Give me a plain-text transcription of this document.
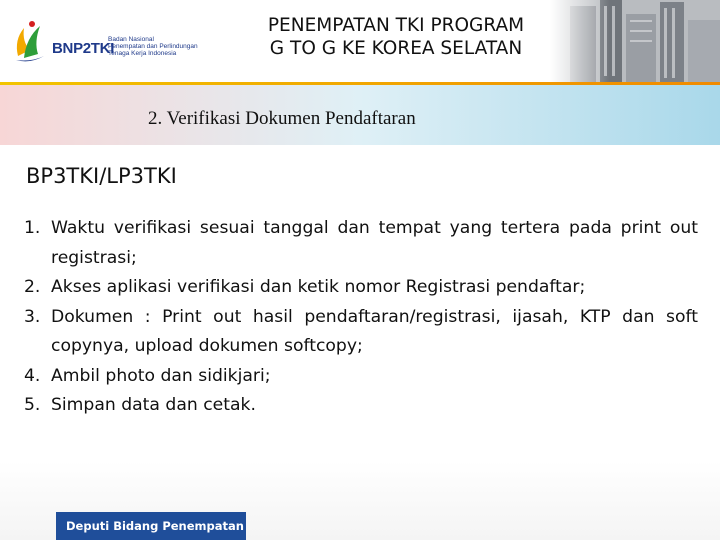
BNP2TKI
Badan Nasional
Penempatan dan Perlindungan
Tenaga Kerja Indonesia
PENEMPATAN TKI PROGRAM
G TO G KE KOREA SELATAN
2. Verifikasi Dokumen Pendaftaran
BP3TKI/LP3TKI
1. Waktu verifikasi sesuai tanggal dan tempat yang tertera pada print out registrasi;
2. Akses aplikasi verifikasi dan ketik nomor Registrasi pendaftar;
3. Dokumen : Print out hasil pendaftaran/registrasi, ijasah, KTP dan soft copynya, upload dokumen softcopy;
4. Ambil photo dan sidikjari;
5. Simpan data dan cetak.
Deputi Bidang Penempatan
